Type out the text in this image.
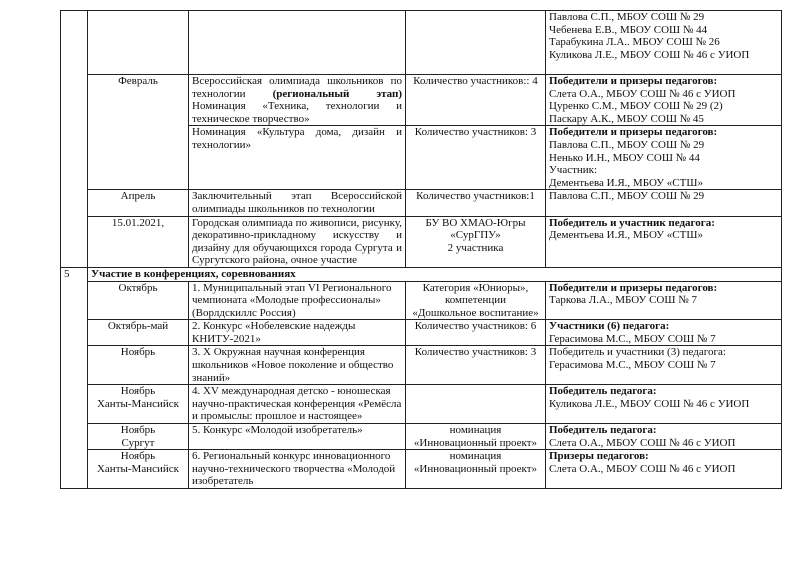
				Павлова С.П., МБОУ СОШ № 29
Чебенева Е.В., МБОУ СОШ № 44
Тарабукина Л.А.. МБОУ СОШ № 26
Куликова Л.Е., МБОУ СОШ № 46 с УИОП

	Февраль	Всероссийская олимпиада школьников по технологии (региональный этап) Номинация «Техника, технологии и техническое творчество»	Количество участников:: 4	Победители и призеры педагогов:
Слета О.А., МБОУ СОШ № 46 с УИОП
Цуренко С.М., МБОУ СОШ № 29 (2)
Паскару А.К., МБОУ СОШ № 45

		Номинация «Культура дома, дизайн и технологии»	Количество участников: 3	Победители и призеры педагогов:
Павлова С.П., МБОУ СОШ № 29
Ненько И.Н., МБОУ СОШ № 44
Участник:
Дементьева И.Я., МБОУ «СТШ»

	Апрель	Заключительный этап Всероссийской олимпиады школьников по технологии	Количество участников:1	Павлова С.П., МБОУ СОШ № 29

	15.01.2021,	Городская олимпиада по живописи, рисунку, декоративно-прикладному искусству и дизайну для обучающихся города Сургута и Сургутского района, очное участие	БУ ВО ХМАО-Югры
«СурГПУ»
2 участника	Победитель и участник педагога:
Дементьева И.Я., МБОУ «СТШ»

5	Участие в конференциях, соревнованиях			

	Октябрь	1. Муниципальный этап VI Регионального чемпионата «Молодые профессионалы» (Ворлдскиллс Россия)	Категория «Юниоры»,
компетенции
«Дошкольное воспитание»	Победители и призеры педагогов:
Таркова Л.А., МБОУ СОШ № 7

	Октябрь-май	2. Конкурс «Нобелевские надежды КНИТУ-2021»	Количество участников: 6	Участники (6) педагога:
Герасимова М.С., МБОУ СОШ № 7

	Ноябрь	3. X Окружная научная конференция школьников «Новое поколение и общество знаний»	Количество участников: 3	Победитель и участники (3) педагога:
Герасимова М.С., МБОУ СОШ № 7

	Ноябрь
Ханты-Мансийск	4. XV международная детско - юношеская научно-практическая конференция «Ремёсла и промыслы: прошлое и настоящее»		Победитель педагога:
Куликова Л.Е., МБОУ СОШ № 46 с УИОП

	Ноябрь
Сургут	5. Конкурс «Молодой изобретатель»	номинация
«Инновационный проект»	Победитель педагога:
Слета О.А., МБОУ СОШ № 46 с УИОП

	Ноябрь
Ханты-Мансийск	6. Региональный конкурс инновационного научно-технического творчества «Молодой изобретатель	номинация
«Инновационный проект»	Призеры педагогов:
Слета О.А., МБОУ СОШ № 46 с УИОП
